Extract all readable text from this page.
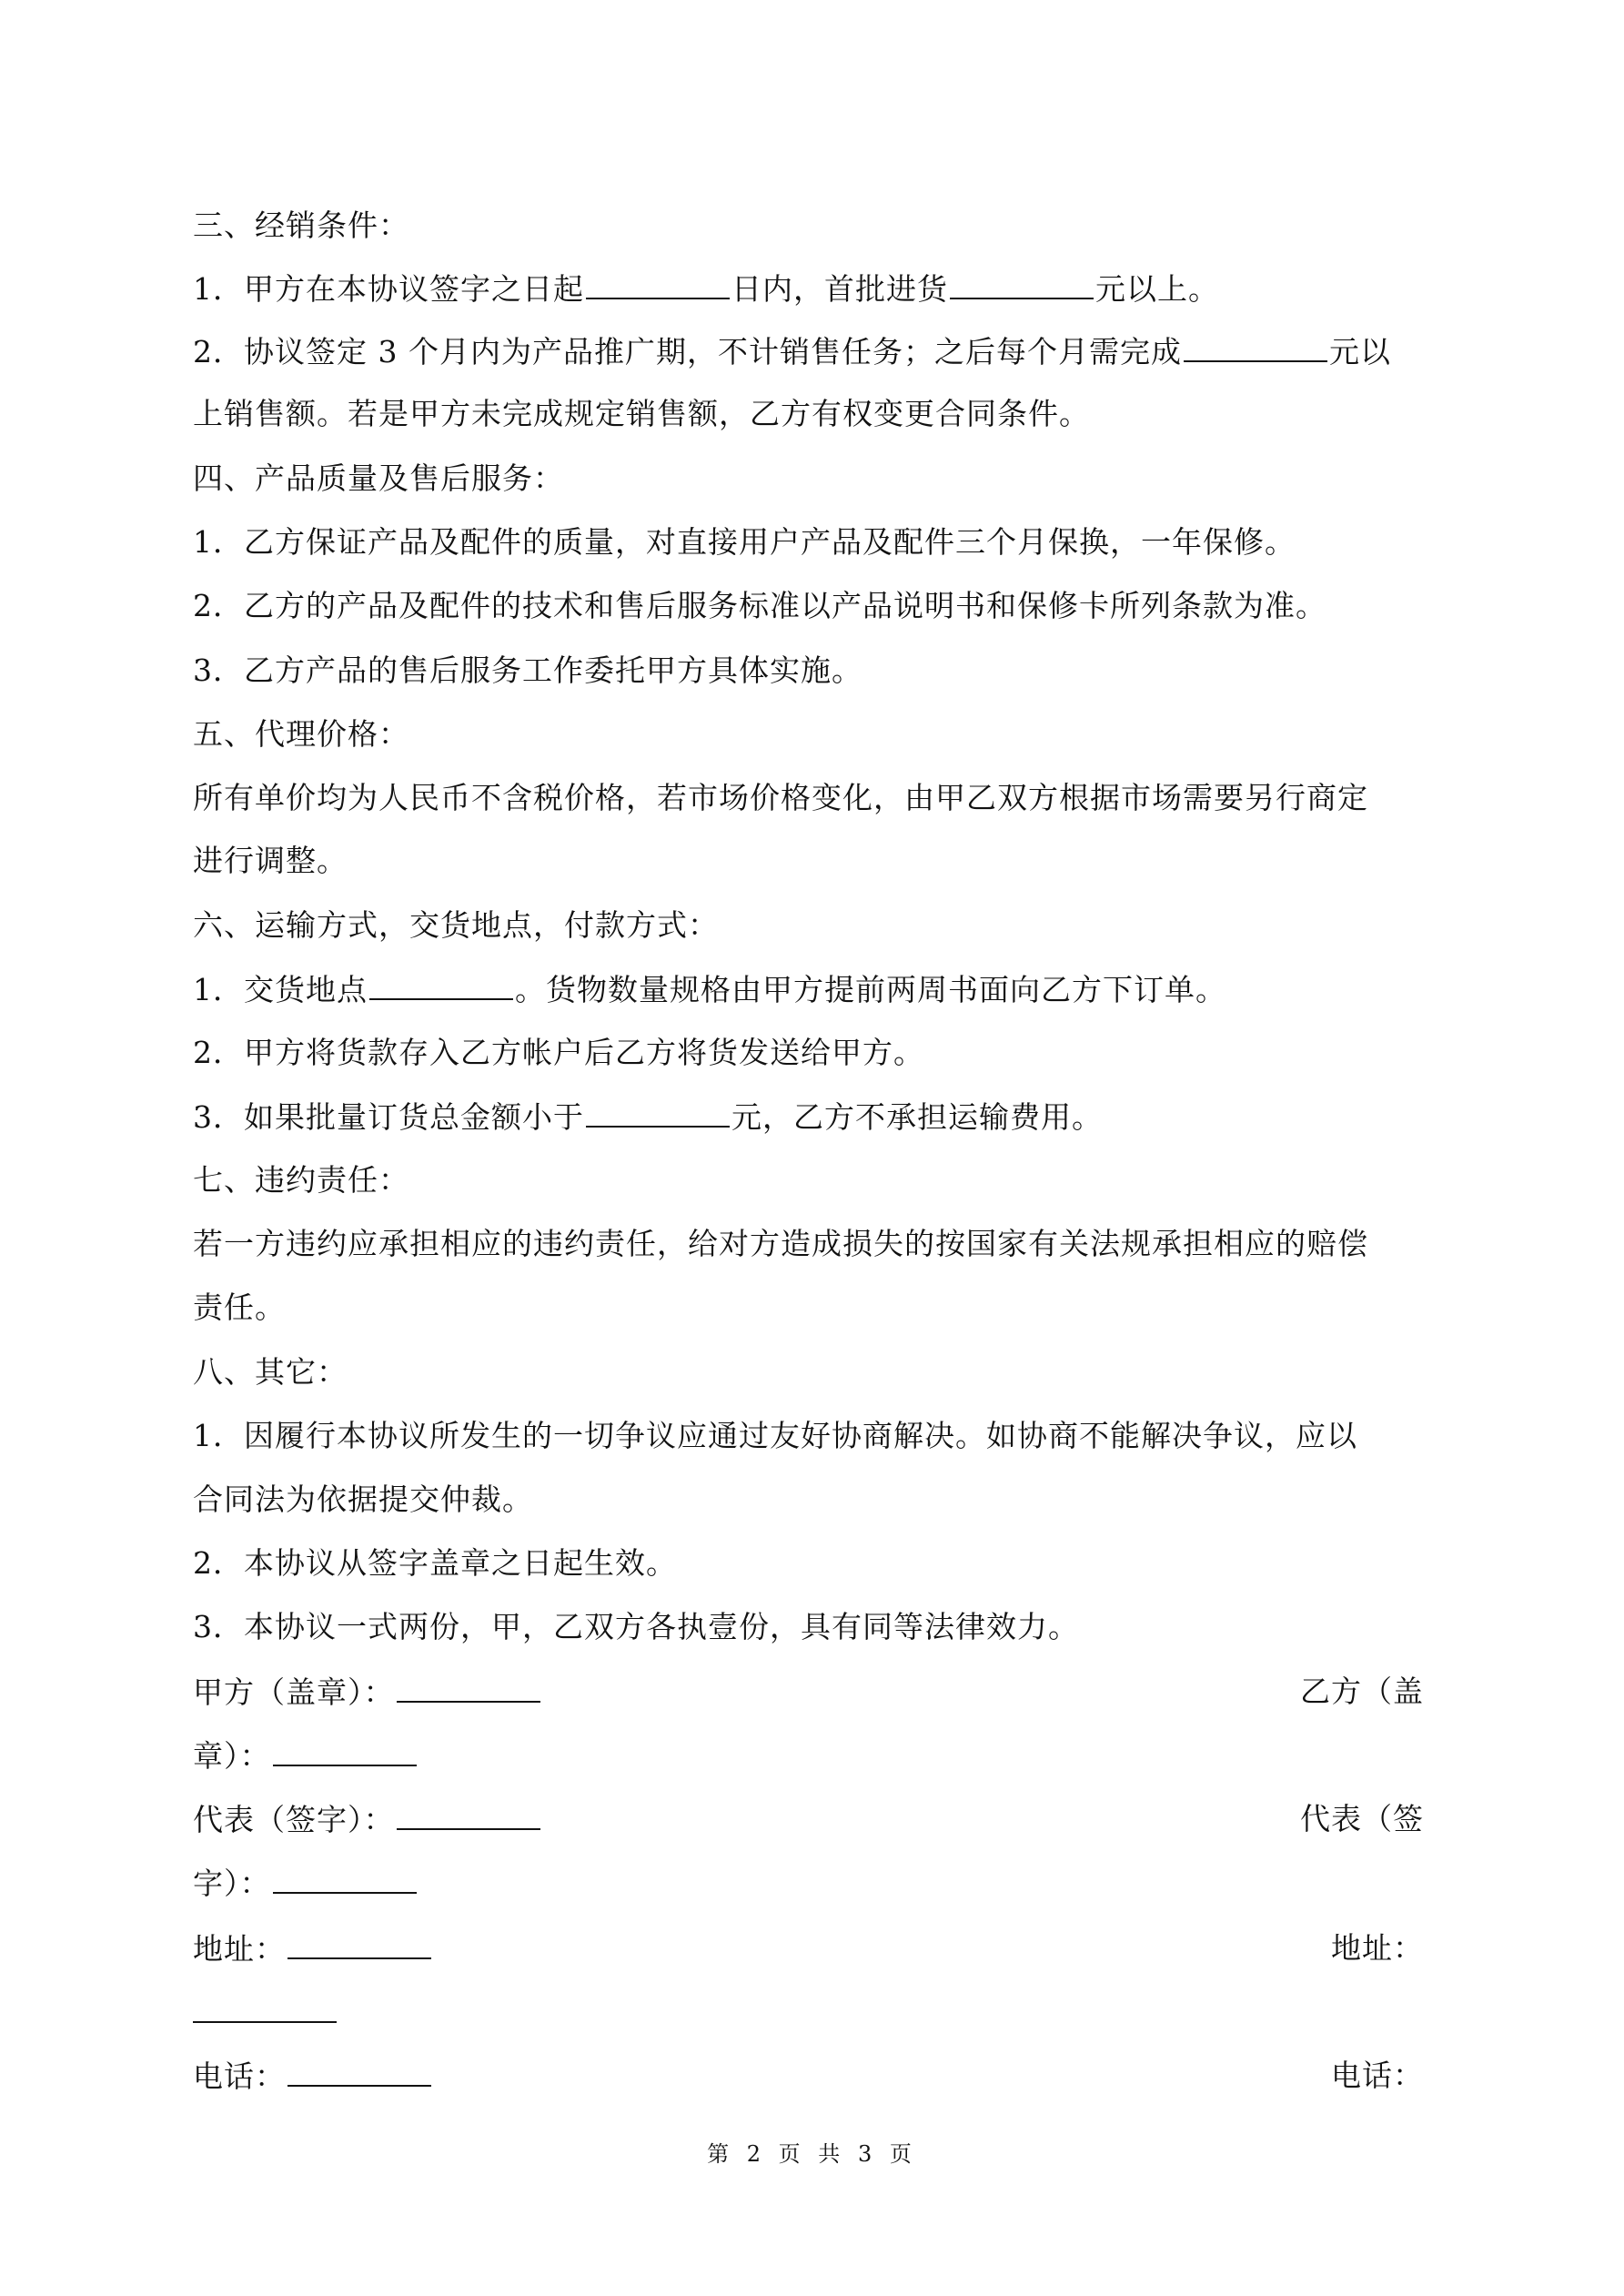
三、经销条件：
1．甲方在本协议签字之日起	日内，首批进货	元以上。
2．协议签定 3 个月内为产品推广期，不计销售任务；之后每个月需完成	元以
上销售额。若是甲方未完成规定销售额，乙方有权变更合同条件。
四、产品质量及售后服务：
1．乙方保证产品及配件的质量，对直接用户产品及配件三个月保换，一年保修。
2．乙方的产品及配件的技术和售后服务标准以产品说明书和保修卡所列条款为准。
3．乙方产品的售后服务工作委托甲方具体实施。
五、代理价格：
所有单价均为人民币不含税价格，若市场价格变化，由甲乙双方根据市场需要另行商定
进行调整。
六、运输方式，交货地点，付款方式：
1．交货地点	。货物数量规格由甲方提前两周书面向乙方下订单。
2．甲方将货款存入乙方帐户后乙方将货发送给甲方。
3．如果批量订货总金额小于	元，乙方不承担运输费用。
七、违约责任：
若一方违约应承担相应的违约责任，给对方造成损失的按国家有关法规承担相应的赔偿
责任。
八、其它：
1．因履行本协议所发生的一切争议应通过友好协商解决。如协商不能解决争议，应以
合同法为依据提交仲裁。
2．本协议从签字盖章之日起生效。
3．本协议一式两份，甲，乙双方各执壹份，具有同等法律效力。
甲方（盖章）：	乙方（盖
章）：
代表（签字）：	代表（签
字）：
地址：	地址：
电话：	电话：
第 2 页 共 3 页
